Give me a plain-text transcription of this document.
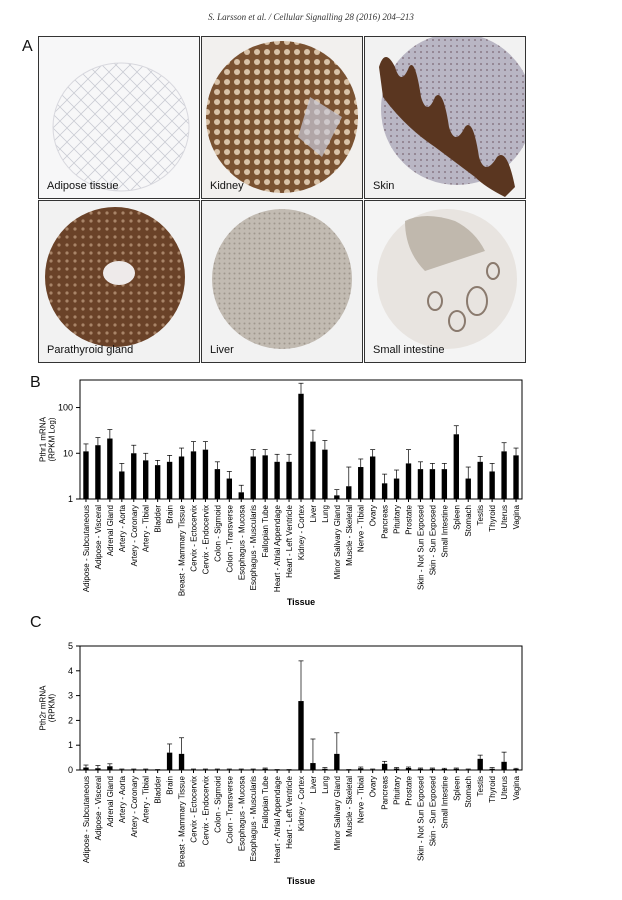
S. Larsson et al. / Cellular Signalling 28 (2016) 204–213
A
B
C
Adipose tissue	Kidney	Skin
Parathyroid gland	Liver	Small intestine
1
10
100
Pthr1 mRNA(RPKM Log)
Adipose - Subcutaneous Adipose - Visceral Adrenal Gland Artery - Aorta Artery - Coronary Artery - Tibial Bladder Brain Breast - Mammary Tissue Cervix - Ectocervix Cervix - Endocervix Colon - Sigmoid Colon - Transverse Esophagus - Mucosa Esophagus - Muscularis Fallopian Tube Heart - Atrial Appendage Heart - Left Ventricle Kidney - Cortex Liver Lung Minor Salivary Gland Muscle - Skeletal Nerve - Tibial Ovary Pancreas Pituitary Prostate Skin - Not Sun Exposed Skin - Sun Exposed Small Intestine Spleen Stomach Testis Thyroid Uterus Vagina
Tissue
0
1
2
3
4
5
Pth2r mRNA(RPKM)
Adipose - Subcutaneous Adipose - Visceral Adrenal Gland Artery - Aorta Artery - Coronary Artery - Tibial Bladder Brain Breast - Mammary Tissue Cervix - Ectocervix Cervix - Endocervix Colon - Sigmoid Colon - Transverse Esophagus - Mucosa Esophagus - Muscularis Fallopian Tube Heart - Atrial Appendage Heart - Left Ventricle Kidney - Cortex Liver Lung Minor Salivary Gland Muscle - Skeletal Nerve - Tibial Ovary Pancreas Pituitary Prostate Skin - Not Sun Exposed Skin - Sun Exposed Small Intestine Spleen Stomach Testis Thyroid Uterus Vagina
Tissue
